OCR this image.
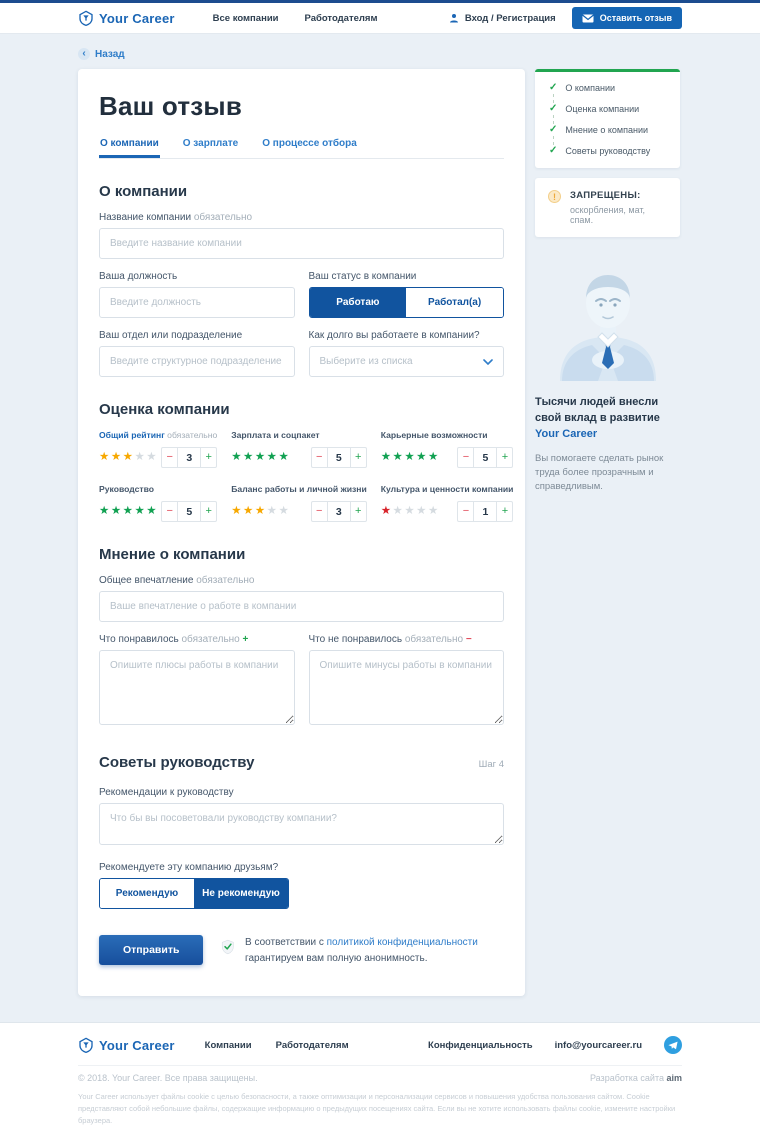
Your Career	Все компании	Работодателям	Вход / Регистрация	Оставить отзыв
‹ Назад
Ваш отзыв
О компании О зарплате О процессе отбора
О компании
Название компании обязательно
Введите название компании
Ваша должность
Введите должность	Ваш статус в компании
Работаю	Работал(а)
Ваш отдел или подразделение
Введите структурное подразделение	Как долго вы работаете в компании?
Выберите из списка
Оценка компании
Общий рейтинг обязательно
★★★★★ −	3	+
Зарплата и соцпакет
★★★★★	−	5	+
Карьерные возможности
★★★★★	−	5	+
Руководство
★★★★★ −	5	+
Баланс работы и личной жизни
★★★★★	−	3	+
Культура и ценности компании
★★★★★	−	1	+
Мнение о компании
Общее впечатление обязательно
Ваше впечатление о работе в компании
Что понравилось обязательно +
Опишите плюсы работы в компании	Что не понравилось обязательно −
Опишите минусы работы в компании
Советы руководству	Шаг 4
Рекомендации к руководству
Что бы вы посоветовали руководству компании?
Рекомендуете эту компанию друзьям?
Рекомендую	Не рекомендую
Отправить
В соответствии с политикой конфиденциальности гарантируем вам полную анонимность.
✓ О компании
✓ Оценка компании
✓ Мнение о компании
✓ Советы руководству
!	ЗАПРЕЩЕНЫ:
оскорбления, мат, спам.
Тысячи людей внесли свой вклад в развитие Your Career
Вы помогаете сделать рынок труда более прозрачным и справедливым.
Your Career	Компании	Работодателям	Конфиденциальность info@yourcareer.ru
© 2018. Your Career. Все права защищены.	Разработка сайта aim

Your Career использует файлы cookie с целью безопасности, а также оптимизации и персонализации сервисов и повышения удобства пользования сайтом. Cookie представляют собой небольшие файлы, содержащие информацию о предыдущих посещениях сайта. Если вы не хотите использовать файлы cookie, измените настройки браузера.
